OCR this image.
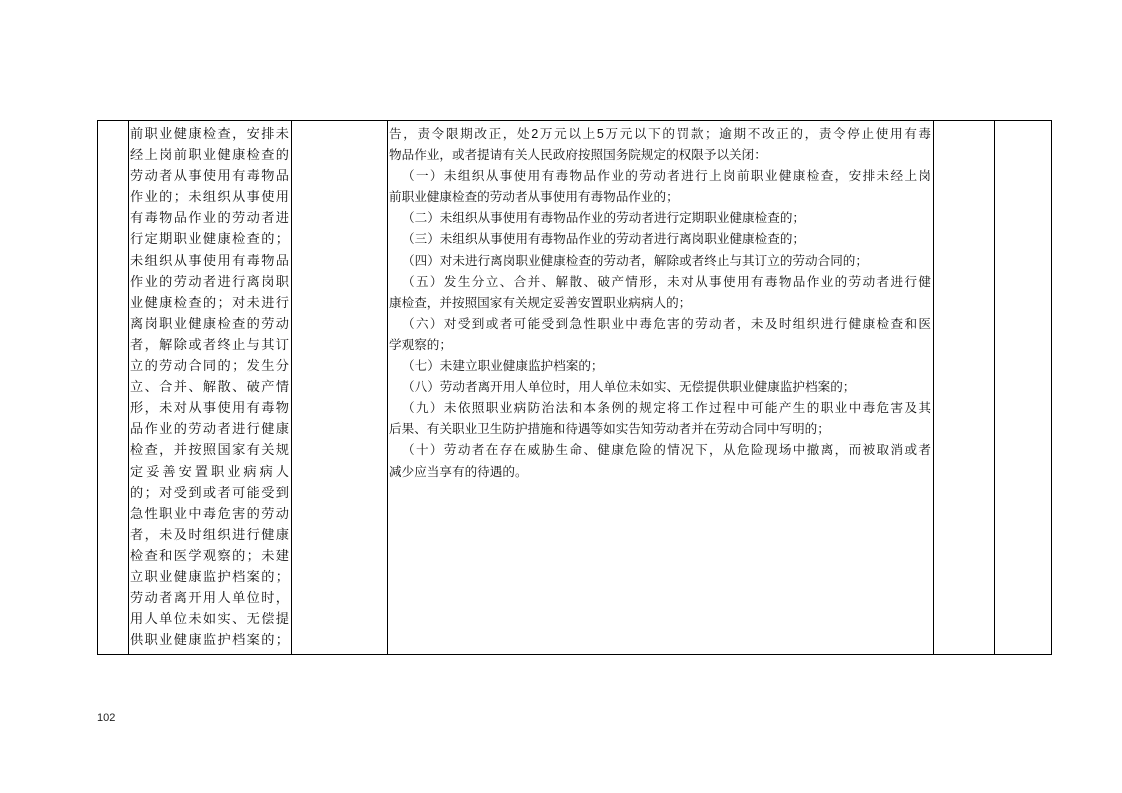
前职业健康检查，安排未
经上岗前职业健康检查的
劳动者从事使用有毒物品
作业的；未组织从事使用
有毒物品作业的劳动者进
行定期职业健康检查的；
未组织从事使用有毒物品
作业的劳动者进行离岗职
业健康检查的；对未进行
离岗职业健康检查的劳动
者，解除或者终止与其订
立的劳动合同的；发生分
立、合并、解散、破产情
形，未对从事使用有毒物
品作业的劳动者进行健康
检查，并按照国家有关规
定妥善安置职业病病人
的；对受到或者可能受到
急性职业中毒危害的劳动
者，未及时组织进行健康
检查和医学观察的；未建
立职业健康监护档案的；
劳动者离开用人单位时，
用人单位未如实、无偿提
供职业健康监护档案的；
告，责令限期改正，处2万元以上5万元以下的罚款；逾期不改正的，责令停止使用有毒
物品作业，或者提请有关人民政府按照国务院规定的权限予以关闭：
（一）未组织从事使用有毒物品作业的劳动者进行上岗前职业健康检查，安排未经上岗
前职业健康检查的劳动者从事使用有毒物品作业的；
（二）未组织从事使用有毒物品作业的劳动者进行定期职业健康检查的；
（三）未组织从事使用有毒物品作业的劳动者进行离岗职业健康检查的；
（四）对未进行离岗职业健康检查的劳动者，解除或者终止与其订立的劳动合同的；
（五）发生分立、合并、解散、破产情形，未对从事使用有毒物品作业的劳动者进行健
康检查，并按照国家有关规定妥善安置职业病病人的；
（六）对受到或者可能受到急性职业中毒危害的劳动者，未及时组织进行健康检查和医
学观察的；
（七）未建立职业健康监护档案的；
（八）劳动者离开用人单位时，用人单位未如实、无偿提供职业健康监护档案的；
（九）未依照职业病防治法和本条例的规定将工作过程中可能产生的职业中毒危害及其
后果、有关职业卫生防护措施和待遇等如实告知劳动者并在劳动合同中写明的；
（十）劳动者在存在威胁生命、健康危险的情况下，从危险现场中撤离，而被取消或者
减少应当享有的待遇的。
102
